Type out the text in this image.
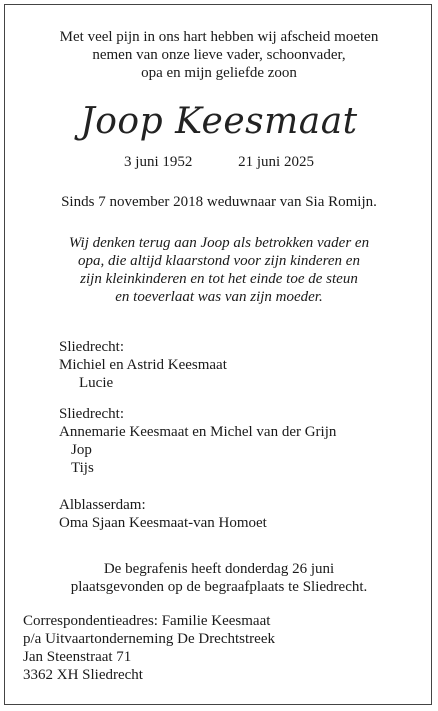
Met veel pijn in ons hart hebben wij afscheid moeten
nemen van onze lieve vader, schoonvader,
opa en mijn geliefde zoon
Joop Keesmaat
3 juni 1952	21 juni 2025
Sinds 7 november 2018 weduwnaar van Sia Romijn.
Wij denken terug aan Joop als betrokken vader en
opa, die altijd klaarstond voor zijn kinderen en
zijn kleinkinderen en tot het einde toe de steun
en toeverlaat was van zijn moeder.
Sliedrecht:
Michiel en Astrid Keesmaat
Lucie
Sliedrecht:
Annemarie Keesmaat en Michel van der Grijn
Jop
Tijs
Alblasserdam:
Oma Sjaan Keesmaat-van Homoet
De begrafenis heeft donderdag 26 juni
plaatsgevonden op de begraafplaats te Sliedrecht.
Correspondentieadres: Familie Keesmaat
p/a Uitvaartonderneming De Drechtstreek
Jan Steenstraat 71
3362 XH Sliedrecht
